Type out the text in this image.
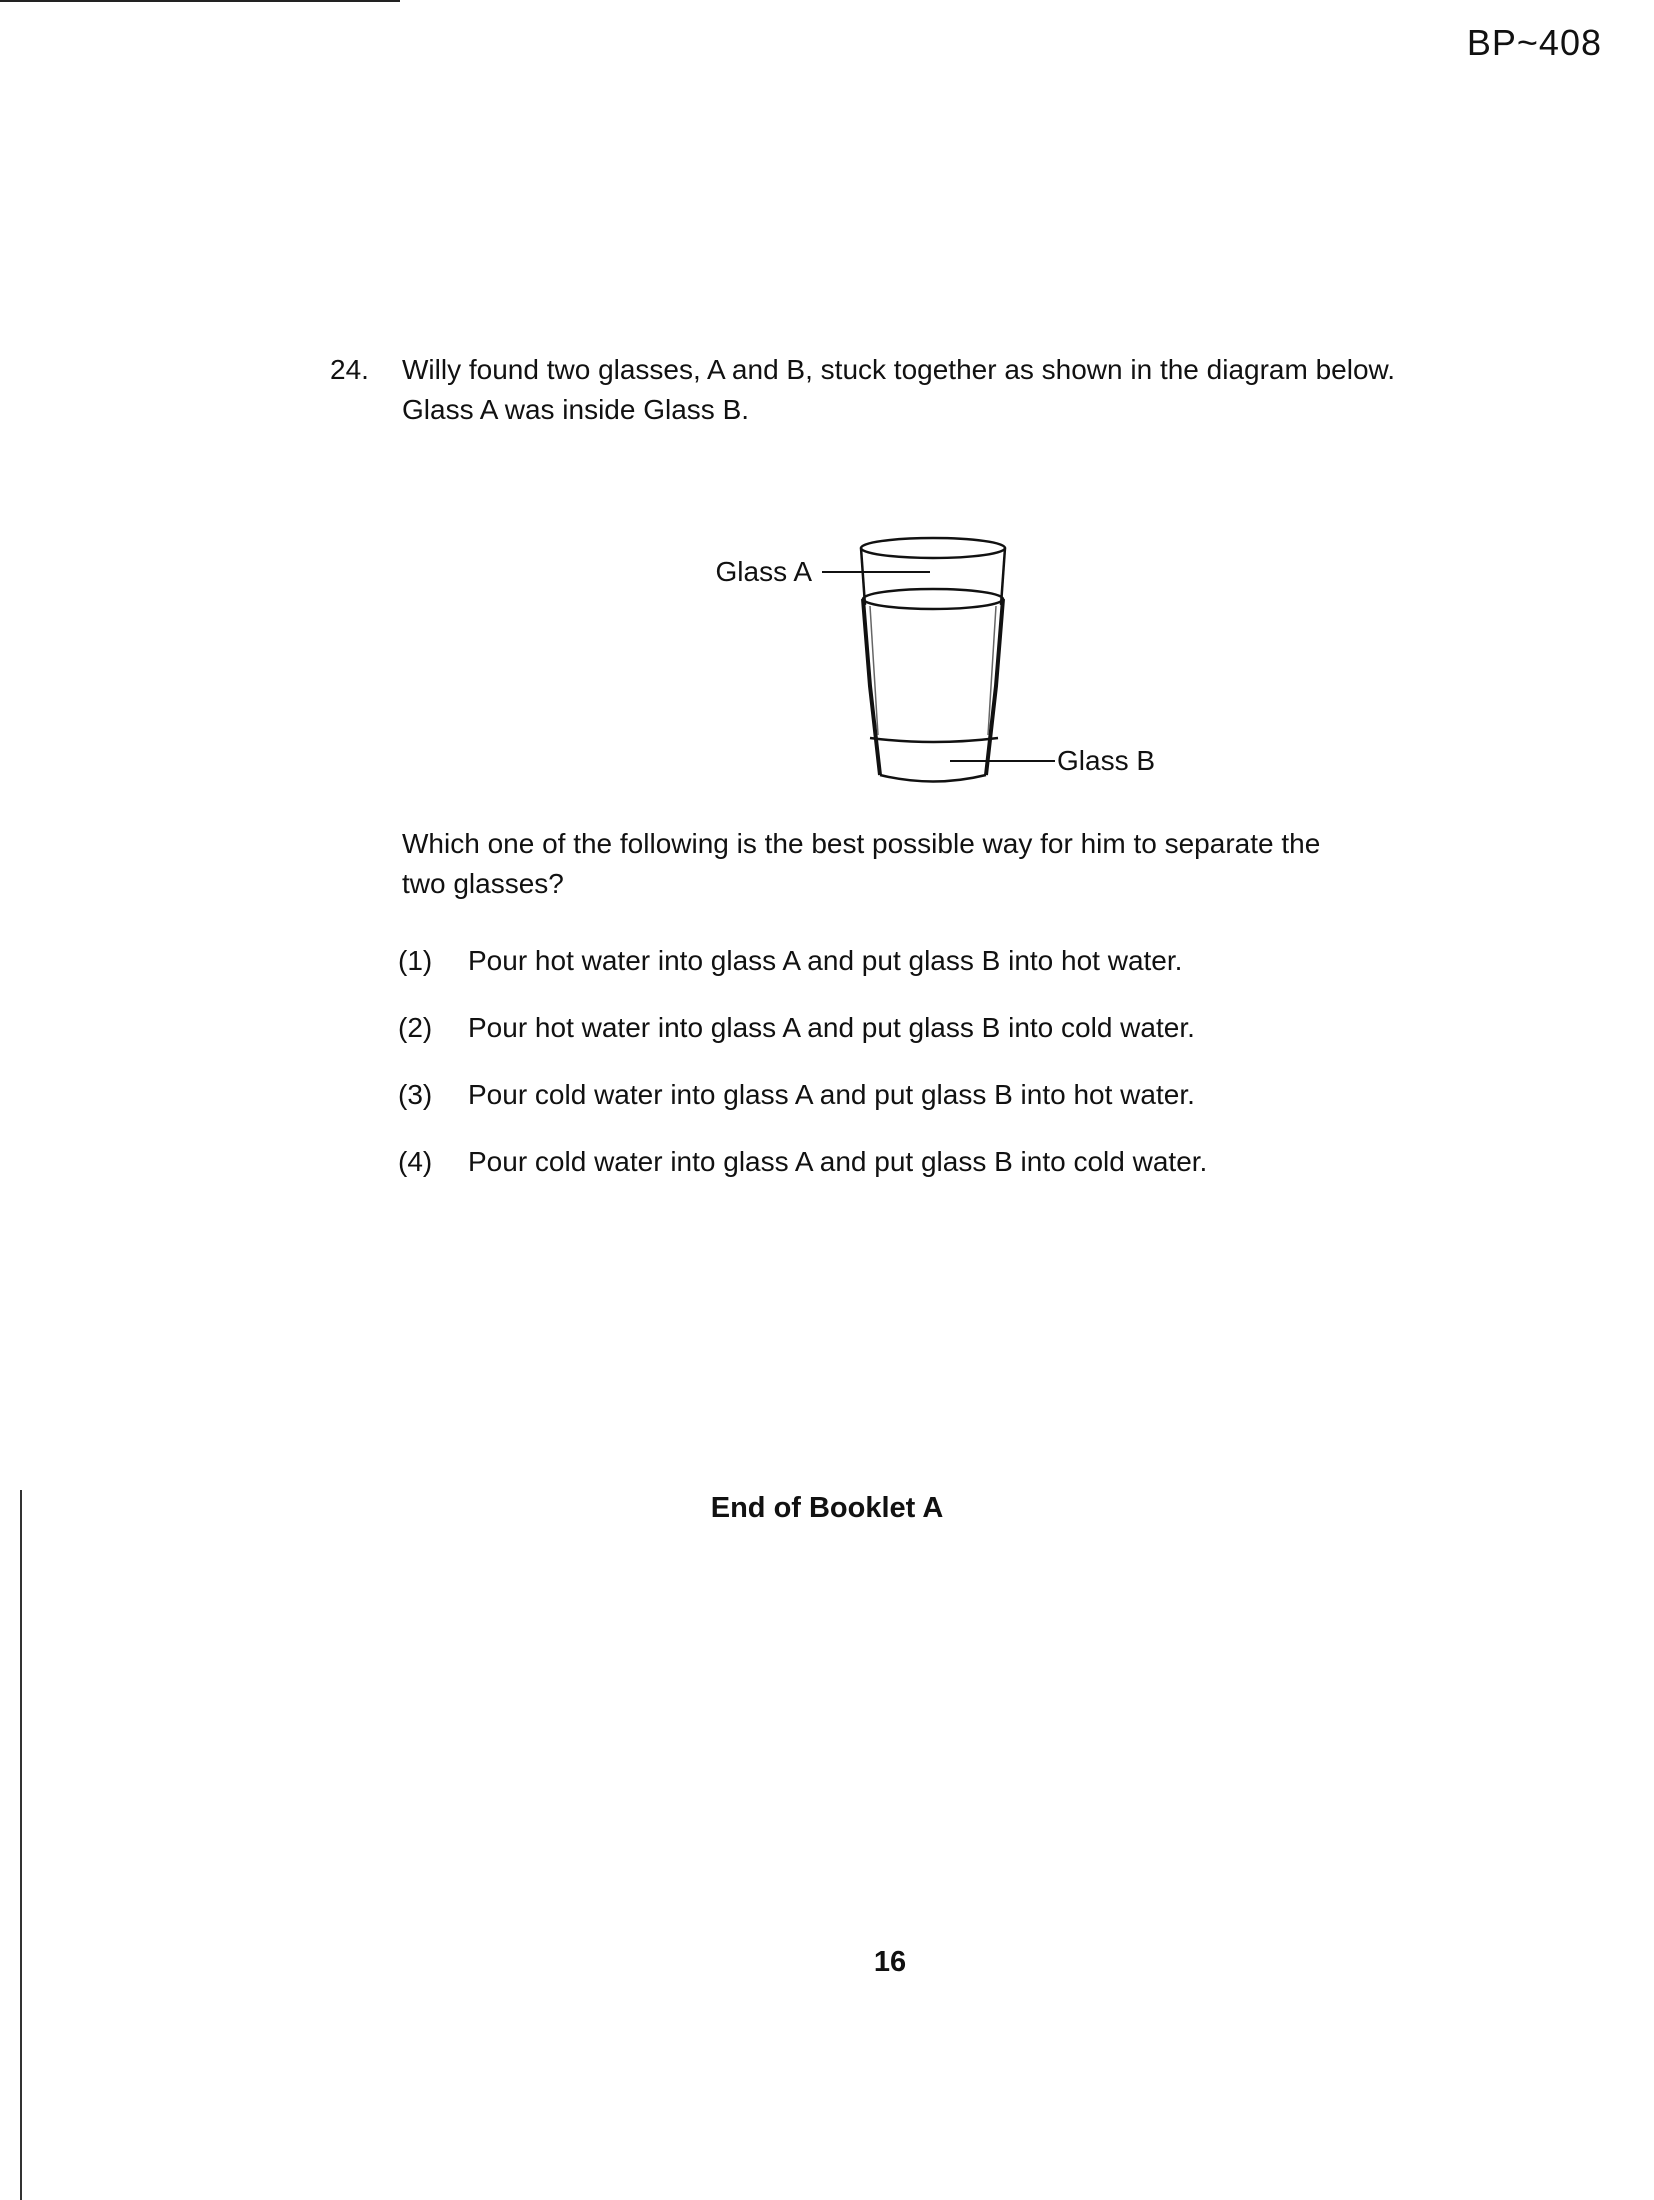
BP~408
24. Willy found two glasses, A and B, stuck together as shown in the diagram below.

Glass A was inside Glass B.

Glass A
Glass B

Which one of the following is the best possible way for him to separate the

two glasses?

(1) Pour hot water into glass A and put glass B into hot water.
(2) Pour hot water into glass A and put glass B into cold water.
(3) Pour cold water into glass A and put glass B into hot water.
(4) Pour cold water into glass A and put glass B into cold water.
End of Booklet A
16
